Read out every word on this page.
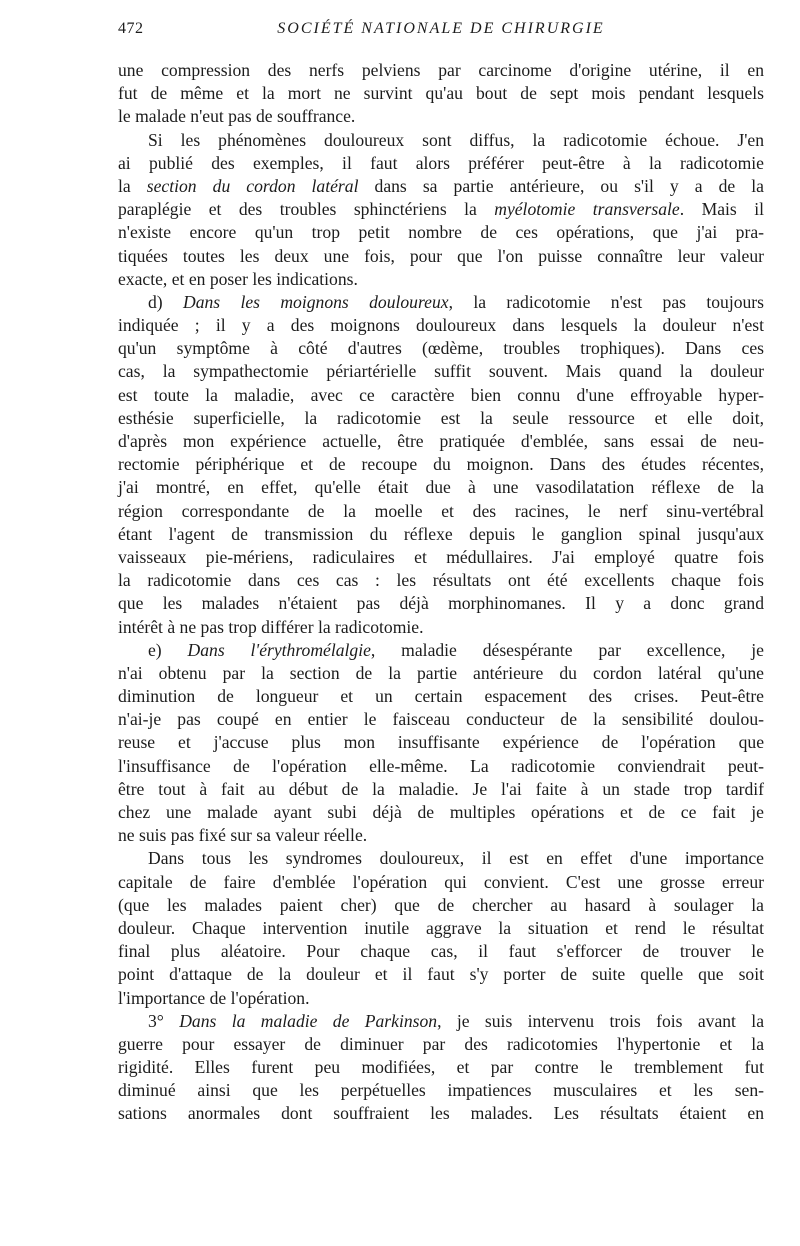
472	SOCIÉTÉ NATIONALE DE CHIRURGIE
une compression des nerfs pelviens par carcinome d'origine utérine, il en
fut de même et la mort ne survint qu'au bout de sept mois pendant lesquels
le malade n'eut pas de souffrance.
Si les phénomènes douloureux sont diffus, la radicotomie échoue. J'en
ai publié des exemples, il faut alors préférer peut-être à la radicotomie
la section du cordon latéral dans sa partie antérieure, ou s'il y a de la
paraplégie et des troubles sphinctériens la myélotomie transversale. Mais il
n'existe encore qu'un trop petit nombre de ces opérations, que j'ai pra-
tiquées toutes les deux une fois, pour que l'on puisse connaître leur valeur
exacte, et en poser les indications.
d) Dans les moignons douloureux, la radicotomie n'est pas toujours
indiquée ; il y a des moignons douloureux dans lesquels la douleur n'est
qu'un symptôme à côté d'autres (œdème, troubles trophiques). Dans ces
cas, la sympathectomie périartérielle suffit souvent. Mais quand la douleur
est toute la maladie, avec ce caractère bien connu d'une effroyable hyper-
esthésie superficielle, la radicotomie est la seule ressource et elle doit,
d'après mon expérience actuelle, être pratiquée d'emblée, sans essai de neu-
rectomie périphérique et de recoupe du moignon. Dans des études récentes,
j'ai montré, en effet, qu'elle était due à une vasodilatation réflexe de la
région correspondante de la moelle et des racines, le nerf sinu-vertébral
étant l'agent de transmission du réflexe depuis le ganglion spinal jusqu'aux
vaisseaux pie-mériens, radiculaires et médullaires. J'ai employé quatre fois
la radicotomie dans ces cas : les résultats ont été excellents chaque fois
que les malades n'étaient pas déjà morphinomanes. Il y a donc grand
intérêt à ne pas trop différer la radicotomie.
e) Dans l'érythromélalgie, maladie désespérante par excellence, je
n'ai obtenu par la section de la partie antérieure du cordon latéral qu'une
diminution de longueur et un certain espacement des crises. Peut-être
n'ai-je pas coupé en entier le faisceau conducteur de la sensibilité doulou-
reuse et j'accuse plus mon insuffisante expérience de l'opération que
l'insuffisance de l'opération elle-même. La radicotomie conviendrait peut-
être tout à fait au début de la maladie. Je l'ai faite à un stade trop tardif
chez une malade ayant subi déjà de multiples opérations et de ce fait je
ne suis pas fixé sur sa valeur réelle.
Dans tous les syndromes douloureux, il est en effet d'une importance
capitale de faire d'emblée l'opération qui convient. C'est une grosse erreur
(que les malades paient cher) que de chercher au hasard à soulager la
douleur. Chaque intervention inutile aggrave la situation et rend le résultat
final plus aléatoire. Pour chaque cas, il faut s'efforcer de trouver le
point d'attaque de la douleur et il faut s'y porter de suite quelle que soit
l'importance de l'opération.
3° Dans la maladie de Parkinson, je suis intervenu trois fois avant la
guerre pour essayer de diminuer par des radicotomies l'hypertonie et la
rigidité. Elles furent peu modifiées, et par contre le tremblement fut
diminué ainsi que les perpétuelles impatiences musculaires et les sen-
sations anormales dont souffraient les malades. Les résultats étaient en
